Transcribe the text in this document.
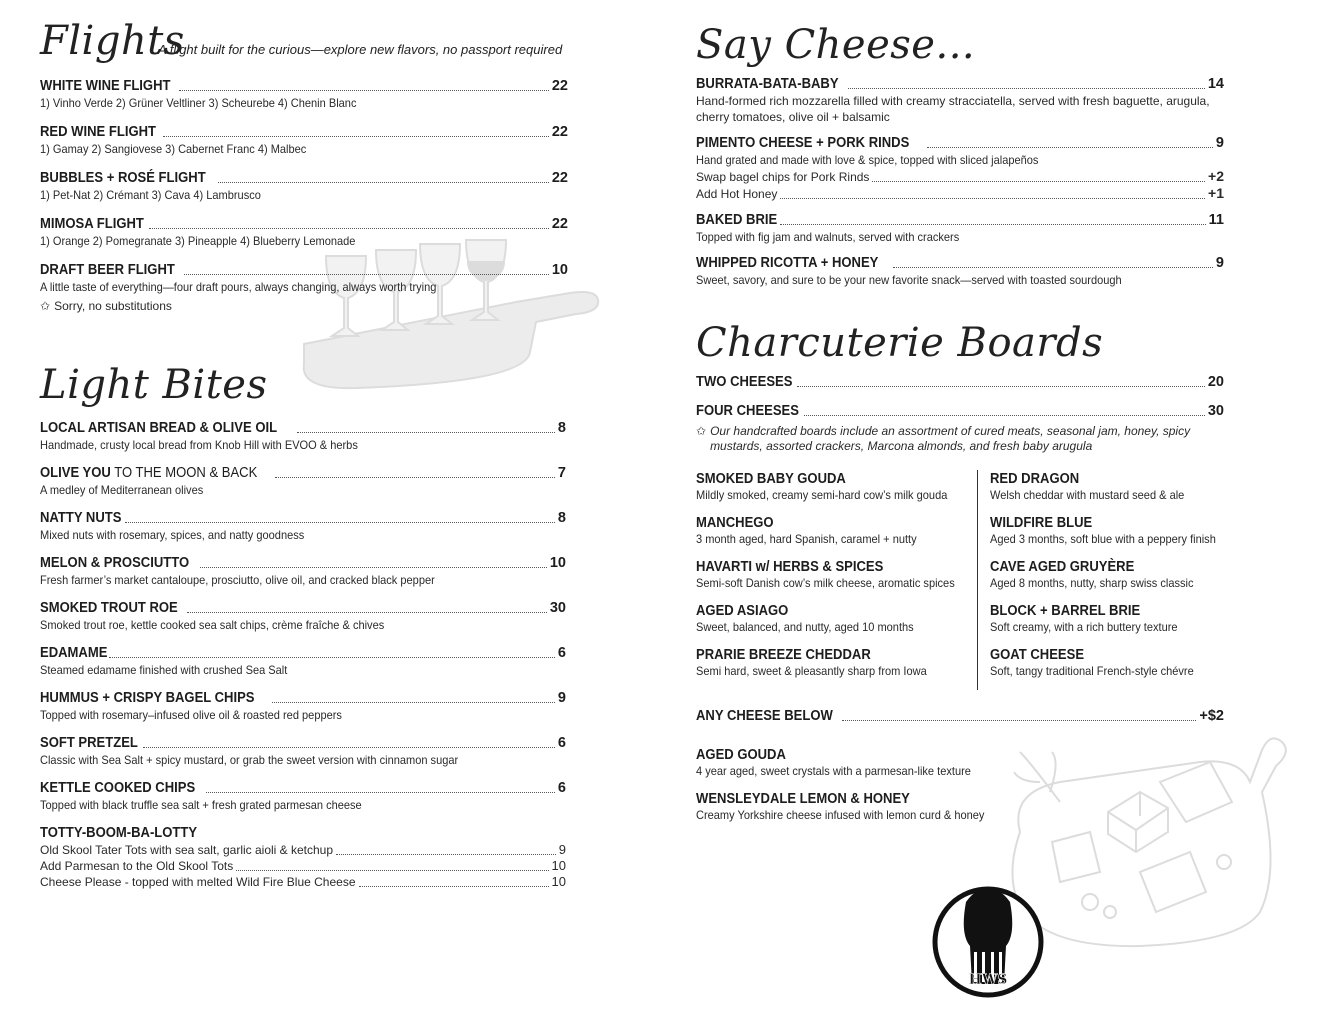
Flights
A flight built for the curious—explore new flavors, no passport required
WHITE WINE FLIGHT	22
1) Vinho Verde 2) Grüner Veltliner 3) Scheurebe 4) Chenin Blanc
RED WINE FLIGHT	22
1) Gamay 2) Sangiovese 3) Cabernet Franc 4) Malbec
BUBBLES + ROSÉ FLIGHT	22
1) Pet-Nat 2) Crémant 3) Cava 4) Lambrusco
MIMOSA FLIGHT	22
1) Orange 2) Pomegranate 3) Pineapple 4) Blueberry Lemonade
DRAFT BEER FLIGHT	10
A little taste of everything—four draft pours, always changing, always worth trying
✩ Sorry, no substitutions
Light Bites
LOCAL ARTISAN BREAD & OLIVE OIL	8
Handmade, crusty local bread from Knob Hill with EVOO & herbs
OLIVE YOU TO THE MOON & BACK	7
A medley of Mediterranean olives
NATTY NUTS	8
Mixed nuts with rosemary, spices, and natty goodness
MELON & PROSCIUTTO	10
Fresh farmer’s market cantaloupe, prosciutto, olive oil, and cracked black pepper
SMOKED TROUT ROE	30
Smoked trout roe, kettle cooked sea salt chips, crème fraîche & chives
EDAMAME	6
Steamed edamame finished with crushed Sea Salt
HUMMUS + CRISPY BAGEL CHIPS	9
Topped with rosemary–infused olive oil & roasted red peppers
SOFT PRETZEL	6
Classic with Sea Salt + spicy mustard, or grab the sweet version with cinnamon sugar
KETTLE COOKED CHIPS	6
Topped with black truffle sea salt + fresh grated parmesan cheese
TOTTY-BOOM-BA-LOTTY
Old Skool Tater Tots with sea salt, garlic aioli & ketchup	9
Add Parmesan to the Old Skool Tots	10
Cheese Please - topped with melted Wild Fire Blue Cheese	10
Say Cheese...
BURRATA-BATA-BABY	14
Hand-formed rich mozzarella filled with creamy stracciatella, served with fresh baguette, arugula, cherry tomatoes, olive oil + balsamic
PIMENTO CHEESE + PORK RINDS	9
Hand grated and made with love & spice, topped with sliced jalapeños
Swap bagel chips for Pork Rinds	+2
Add Hot Honey	+1
BAKED BRIE	11
Topped with fig jam and walnuts, served with crackers
WHIPPED RICOTTA + HONEY	9
Sweet, savory, and sure to be your new favorite snack—served with toasted sourdough
Charcuterie Boards
TWO CHEESES	20
FOUR CHEESES	30
✩ Our handcrafted boards include an assortment of cured meats, seasonal jam, honey, spicy mustards, assorted crackers, Marcona almonds, and fresh baby arugula
SMOKED BABY GOUDA
Mildly smoked, creamy semi-hard cow’s milk gouda
MANCHEGO
3 month aged, hard Spanish, caramel + nutty
HAVARTI w/ HERBS & SPICES
Semi-soft Danish cow’s milk cheese, aromatic spices
AGED ASIAGO
Sweet, balanced, and nutty, aged 10 months
PRARIE BREEZE CHEDDAR
Semi hard, sweet & pleasantly sharp from Iowa
RED DRAGON
Welsh cheddar with mustard seed & ale
WILDFIRE BLUE
Aged 3 months, soft blue with a peppery finish
CAVE AGED GRUYÈRE
Aged 8 months, nutty, sharp swiss classic
BLOCK + BARREL BRIE
Soft creamy, with a rich buttery texture
GOAT CHEESE
Soft, tangy traditional French-style chévre
ANY CHEESE BELOW	+$2
AGED GOUDA
4 year aged, sweet crystals with a parmesan-like texture
WENSLEYDALE LEMON & HONEY
Creamy Yorkshire cheese infused with lemon curd & honey
HWS
